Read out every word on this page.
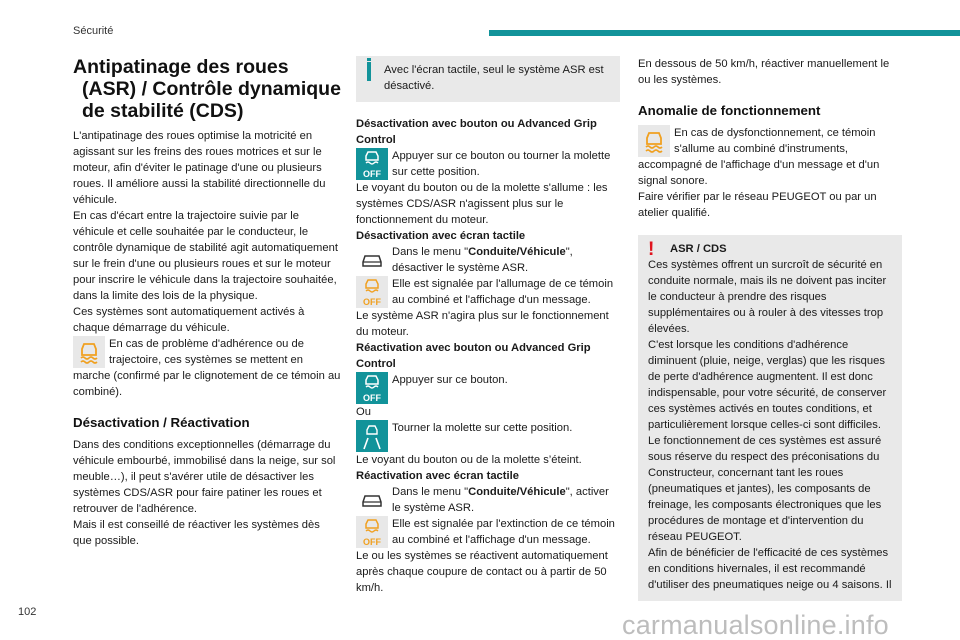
Sécurité
Antipatinage des roues
(ASR) / Contrôle dynamique
de stabilité (CDS)

L'antipatinage des roues optimise la motricité en agissant sur les freins des roues motrices et sur le moteur, afin d'éviter le patinage d'une ou plusieurs roues. Il améliore aussi la stabilité directionnelle du véhicule.

En cas d'écart entre la trajectoire suivie par le véhicule et celle souhaitée par le conducteur, le contrôle dynamique de stabilité agit automatiquement sur le frein d'une ou plusieurs roues et sur le moteur pour inscrire le véhicule dans la trajectoire souhaitée, dans la limite des lois de la physique.

Ces systèmes sont automatiquement activés à chaque démarrage du véhicule.

En cas de problème d'adhérence ou de trajectoire, ces systèmes se mettent en marche (confirmé par le clignotement de ce témoin au combiné).
Désactivation / Réactivation

Dans des conditions exceptionnelles (démarrage du véhicule embourbé, immobilisé dans la neige, sur sol meuble…), il peut s'avérer utile de désactiver les systèmes CDS/ASR pour faire patiner les roues et retrouver de l'adhérence.

Mais il est conseillé de réactiver les systèmes dès que possible.

Avec l'écran tactile, seul le système ASR est désactivé.
Désactivation avec bouton ou Advanced Grip Control
OFF
Appuyer sur ce bouton ou tourner la molette sur cette position.

Le voyant du bouton ou de la molette s'allume : les systèmes CDS/ASR n'agissent plus sur le fonctionnement du moteur.

Désactivation avec écran tactile
Dans le menu "Conduite/Véhicule", désactiver le système ASR.
OFF
Elle est signalée par l'allumage de ce témoin au combiné et l'affichage d'un message.

Le système ASR n'agira plus sur le fonctionnement du moteur.

Réactivation avec bouton ou Advanced Grip Control
OFF
Appuyer sur ce bouton.

Ou

Tourner la molette sur cette position.

Le voyant du bouton ou de la molette s’éteint.

Réactivation avec écran tactile
Dans le menu "Conduite/Véhicule", activer le système ASR.
OFF
Elle est signalée par l'extinction de ce témoin au combiné et l'affichage d'un message.

Le ou les systèmes se réactivent automatiquement après chaque coupure de contact ou à partir de 50 km/h.

En dessous de 50 km/h, réactiver manuellement le ou les systèmes.

Anomalie de fonctionnement
En cas de dysfonctionnement, ce témoin s'allume au combiné d'instruments, accompagné de l'affichage d'un message et d'un signal sonore.

Faire vérifier par le réseau PEUGEOT ou par un atelier qualifié.

! ASR / CDS

Ces systèmes offrent un surcroît de sécurité en conduite normale, mais ils ne doivent pas inciter le conducteur à prendre des risques supplémentaires ou à rouler à des vitesses trop élevées.

C'est lorsque les conditions d'adhérence diminuent (pluie, neige, verglas) que les risques de perte d'adhérence augmentent. Il est donc indispensable, pour votre sécurité, de conserver ces systèmes activés en toutes conditions, et particulièrement lorsque celles-ci sont difficiles.

Le fonctionnement de ces systèmes est assuré sous réserve du respect des préconisations du Constructeur, concernant tant les roues (pneumatiques et jantes), les composants de freinage, les composants électroniques que les procédures de montage et d'intervention du réseau PEUGEOT.

Afin de bénéficier de l'efficacité de ces systèmes en conditions hivernales, il est recommandé d'utiliser des pneumatiques neige ou 4 saisons. Il

102	carmanualsonline.info
